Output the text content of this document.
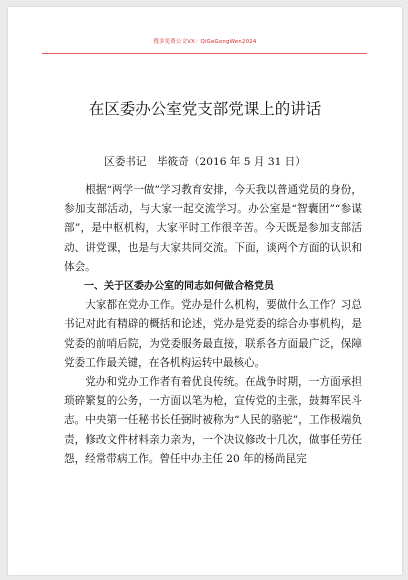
搜多免费公文VX：QiGeGongWen2024
在区委办公室党支部党课上的讲话
区委书记　毕筱奇（2016 年 5 月 31 日）

根据“两学一做”学习教育安排，今天我以普通党员的身份，参加支部活动，与大家一起交流学习。办公室是“智囊团”“参谋部”，是中枢机构，大家平时工作很辛苦。今天既是参加支部活动、讲党课，也是与大家共同交流。下面，谈两个方面的认识和体会。

一、关于区委办公室的同志如何做合格党员

大家都在党办工作。党办是什么机构，要做什么工作？习总书记对此有精辟的概括和论述，党办是党委的综合办事机构，是党委的前哨后院，为党委服务最直接，联系各方面最广泛，保障党委工作最关键，在各机构运转中最核心。

党办和党办工作者有着优良传统。在战争时期，一方面承担琐碎繁复的公务，一方面以笔为枪，宣传党的主张，鼓舞军民斗志。中央第一任秘书长任弼时被称为“人民的骆驼”，工作极端负责，修改文件材料亲力亲为，一个决议修改十几次，做事任劳任怨，经常带病工作。曾任中办主任 20 年的杨尚昆完
